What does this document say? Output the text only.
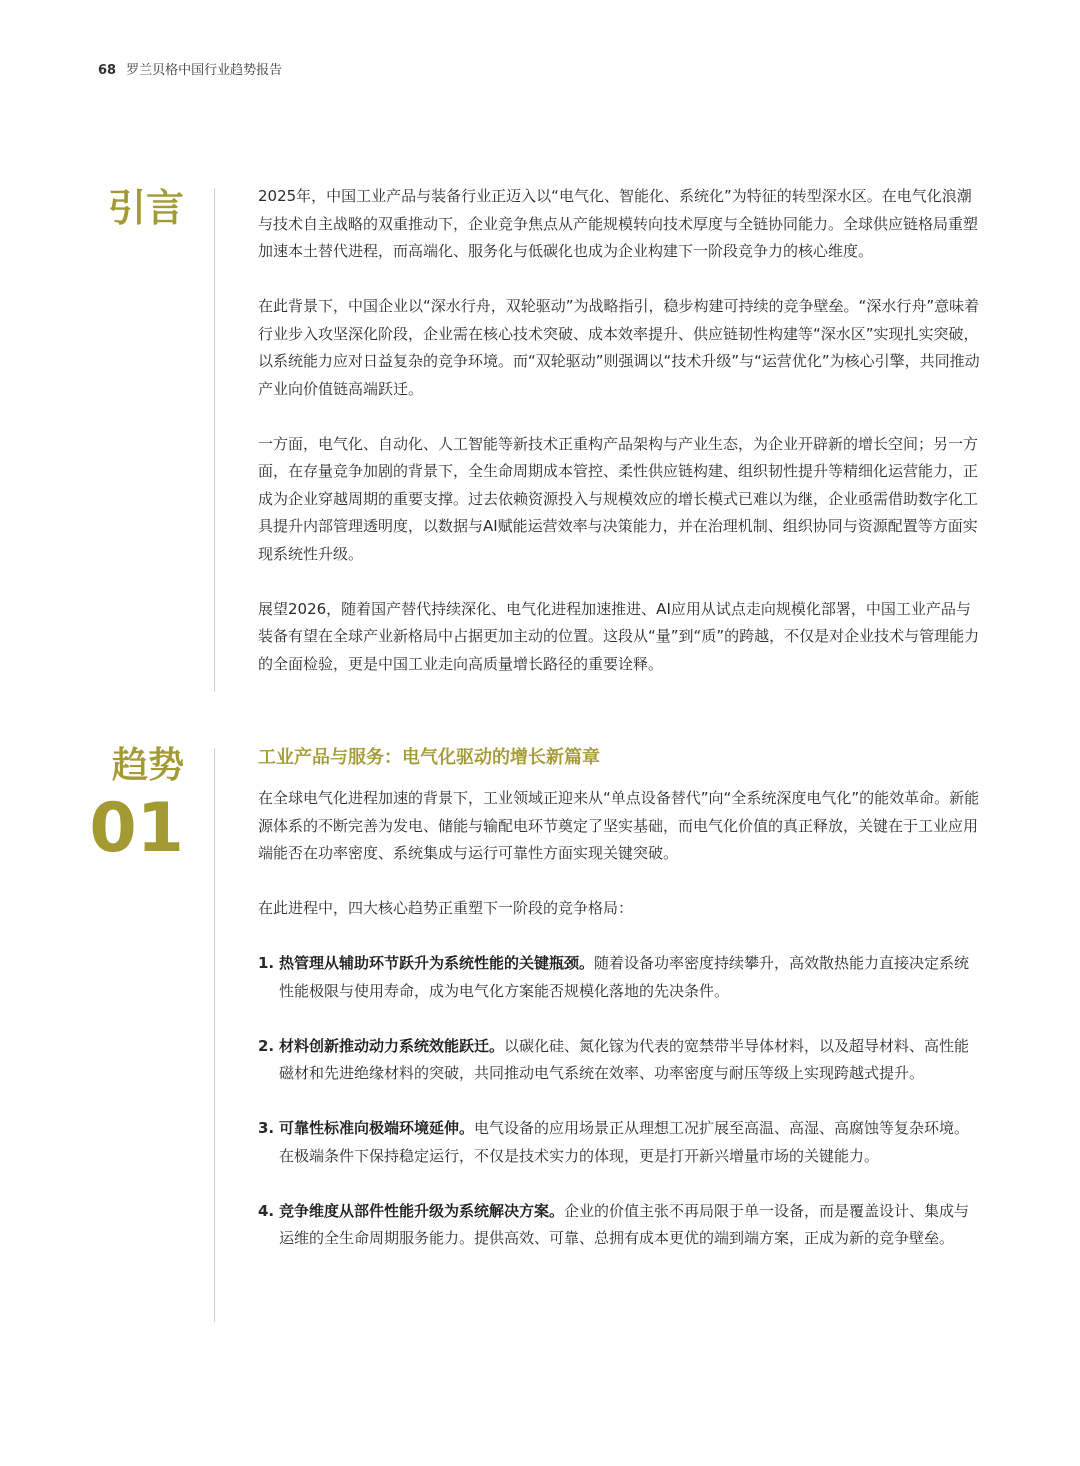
68 罗兰贝格中国行业趋势报告
引言	2025年，中国工业产品与装备行业正迈入以“电气化、智能化、系统化”为特征的转型深水区。在电气化浪潮与技术自主战略的双重推动下，企业竞争焦点从产能规模转向技术厚度与全链协同能力。全球供应链格局重塑加速本土替代进程，而高端化、服务化与低碳化也成为企业构建下一阶段竞争力的核心维度。

在此背景下，中国企业以“深水行舟，双轮驱动”为战略指引，稳步构建可持续的竞争壁垒。“深水行舟”意味着行业步入攻坚深化阶段，企业需在核心技术突破、成本效率提升、供应链韧性构建等“深水区”实现扎实突破，以系统能力应对日益复杂的竞争环境。而“双轮驱动”则强调以“技术升级”与“运营优化”为核心引擎，共同推动产业向价值链高端跃迁。

一方面，电气化、自动化、人工智能等新技术正重构产品架构与产业生态，为企业开辟新的增长空间；另一方面，在存量竞争加剧的背景下，全生命周期成本管控、柔性供应链构建、组织韧性提升等精细化运营能力，正成为企业穿越周期的重要支撑。过去依赖资源投入与规模效应的增长模式已难以为继，企业亟需借助数字化工具提升内部管理透明度，以数据与AI赋能运营效率与决策能力，并在治理机制、组织协同与资源配置等方面实现系统性升级。

展望2026，随着国产替代持续深化、电气化进程加速推进、AI应用从试点走向规模化部署，中国工业产品与装备有望在全球产业新格局中占据更加主动的位置。这段从“量”到“质”的跨越，不仅是对企业技术与管理能力的全面检验，更是中国工业走向高质量增长路径的重要诠释。

趋势
01
工业产品与服务：电气化驱动的增长新篇章

在全球电气化进程加速的背景下，工业领域正迎来从“单点设备替代”向“全系统深度电气化”的能效革命。新能源体系的不断完善为发电、储能与输配电环节奠定了坚实基础，而电气化价值的真正释放，关键在于工业应用端能否在功率密度、系统集成与运行可靠性方面实现关键突破。

在此进程中，四大核心趋势正重塑下一阶段的竞争格局：

1. 热管理从辅助环节跃升为系统性能的关键瓶颈。随着设备功率密度持续攀升，高效散热能力直接决定系统性能极限与使用寿命，成为电气化方案能否规模化落地的先决条件。
2. 材料创新推动动力系统效能跃迁。以碳化硅、氮化镓为代表的宽禁带半导体材料，以及超导材料、高性能磁材和先进绝缘材料的突破，共同推动电气系统在效率、功率密度与耐压等级上实现跨越式提升。
3. 可靠性标准向极端环境延伸。电气设备的应用场景正从理想工况扩展至高温、高湿、高腐蚀等复杂环境。在极端条件下保持稳定运行，不仅是技术实力的体现，更是打开新兴增量市场的关键能力。
4. 竞争维度从部件性能升级为系统解决方案。企业的价值主张不再局限于单一设备，而是覆盖设计、集成与运维的全生命周期服务能力。提供高效、可靠、总拥有成本更优的端到端方案，正成为新的竞争壁垒。
